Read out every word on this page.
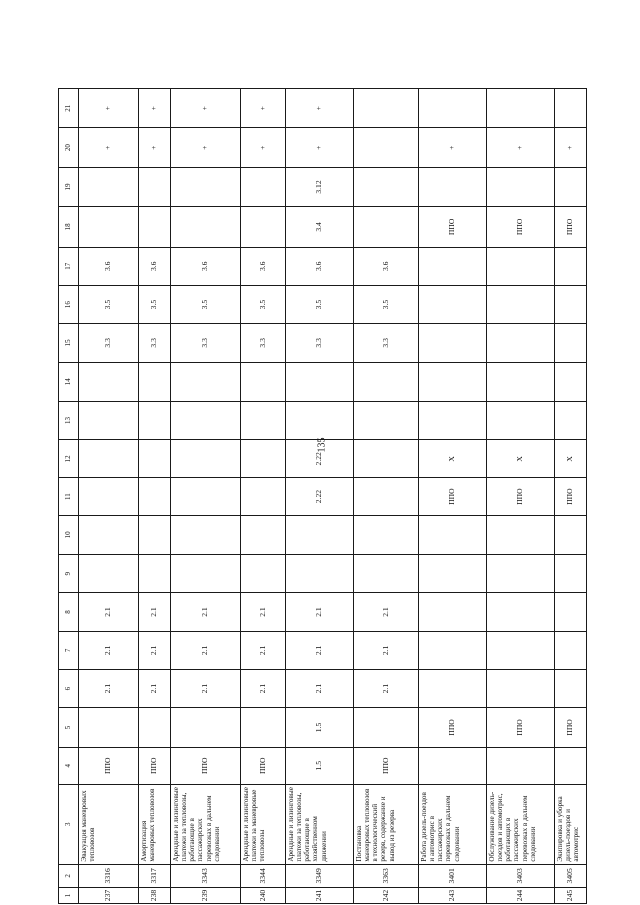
135
1	2	3	4	5	6	7	8	9	10	11	12	13	14	15	16	17	18	19	20	21
237	3316	Эвакуация маневровых тепловозов	ППО		2.1	2.1	2.1							3.3	3.5	3.6			+	+
238	3317	Амортизация маневровых тепловозов	ППО		2.1	2.1	2.1							3.3	3.5	3.6			+	+
239	3343	Арендные и лизинговые платежи за тепловозы, работающие в пассажирских перевозках в дальнем следовании	ППО		2.1	2.1	2.1							3.3	3.5	3.6			+	+
240	3344	Арендные и лизинговые платежи за маневровые тепловозы	ППО		2.1	2.1	2.1							3.3	3.5	3.6			+	+
241	3349	Арендные и лизинговые платежи за тепловозы, работающие в хозяйственном движении	1.5	1.5	2.1	2.1	2.1			2.22	2.22			3.3	3.5	3.6	3.4	3.12	+	+
242	3363	Постановка маневровых тепловозов в технологический резерв, содержание и вывод из резерва	ППО		2.1	2.1	2.1							3.3	3.5	3.6				
243	3401	Работа дизель-поездов и автомотрис в пассажирских перевозках в дальнем следовании		ППО						ППО	Х						ППО		+	
244	3403	Обслуживание дизель-поездов и автомотрис, работающих в пассажирских перевозках в дальнем следовании		ППО						ППО	Х						ППО		+	
245	3405	Экипировка и уборка дизель-поездов и автомотрис		ППО						ППО	Х						ППО		+	
